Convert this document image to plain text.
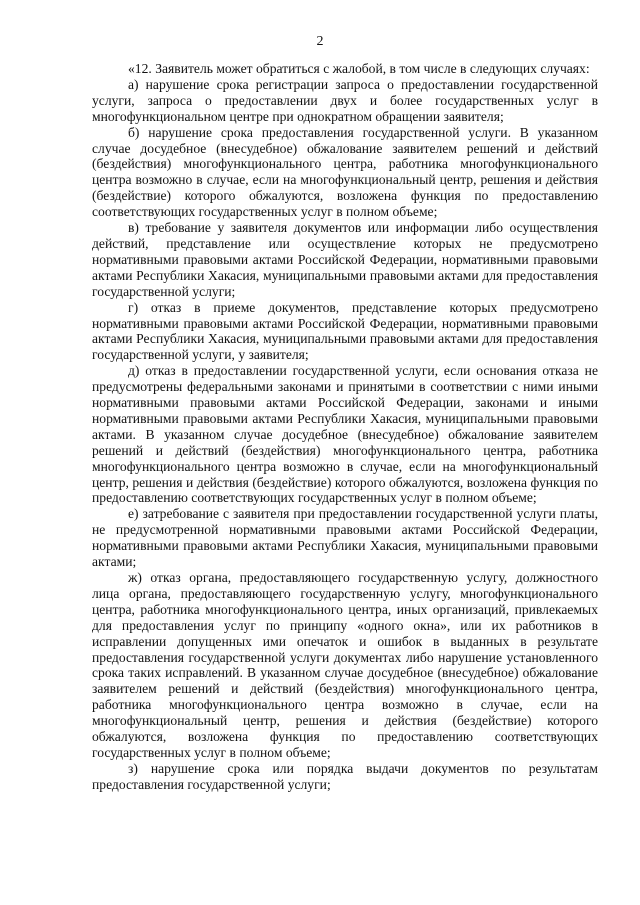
2

«12. Заявитель может обратиться с жалобой, в том числе в следующих случаях:

а) нарушение срока регистрации запроса о предоставлении государственной услуги, запроса о предоставлении двух и более государственных услуг в многофункциональном центре при однократном обращении заявителя;

б) нарушение срока предоставления государственной услуги. В указанном случае досудебное (внесудебное) обжалование заявителем решений и действий (бездействия) многофункционального центра, работника многофункционального центра возможно в случае, если на многофункциональный центр, решения и действия (бездействие) которого обжалуются, возложена функция по предоставлению соответствующих государственных услуг в полном объеме;

в) требование у заявителя документов или информации либо осуществления действий, представление или осуществление которых не предусмотрено нормативными правовыми актами Российской Федерации, нормативными правовыми актами Республики Хакасия, муниципальными правовыми актами для предоставления государственной услуги;

г) отказ в приеме документов, представление которых предусмотрено нормативными правовыми актами Российской Федерации, нормативными правовыми актами Республики Хакасия, муниципальными правовыми актами для предоставления государственной услуги, у заявителя;

д) отказ в предоставлении государственной услуги, если основания отказа не предусмотрены федеральными законами и принятыми в соответствии с ними иными нормативными правовыми актами Российской Федерации, законами и иными нормативными правовыми актами Республики Хакасия, муниципальными правовыми актами. В указанном случае досудебное (внесудебное) обжалование заявителем решений и действий (бездействия) многофункционального центра, работника многофункционального центра возможно в случае, если на многофункциональный центр, решения и действия (бездействие) которого обжалуются, возложена функция по предоставлению соответствующих государственных услуг в полном объеме;

е) затребование с заявителя при предоставлении государственной услуги платы, не предусмотренной нормативными правовыми актами Российской Федерации, нормативными правовыми актами Республики Хакасия, муниципальными правовыми актами;

ж) отказ органа, предоставляющего государственную услугу, должностного лица органа, предоставляющего государственную услугу, многофункционального центра, работника многофункционального центра, иных организаций, привлекаемых для предоставления услуг по принципу «одного окна», или их работников в исправлении допущенных ими опечаток и ошибок в выданных в результате предоставления государственной услуги документах либо нарушение установленного срока таких исправлений. В указанном случае досудебное (внесудебное) обжалование заявителем решений и действий (бездействия) многофункционального центра, работника многофункционального центра возможно в случае, если на многофункциональный центр, решения и действия (бездействие) которого обжалуются, возложена функция по предоставлению соответствующих государственных услуг в полном объеме;

з) нарушение срока или порядка выдачи документов по результатам предоставления государственной услуги;
